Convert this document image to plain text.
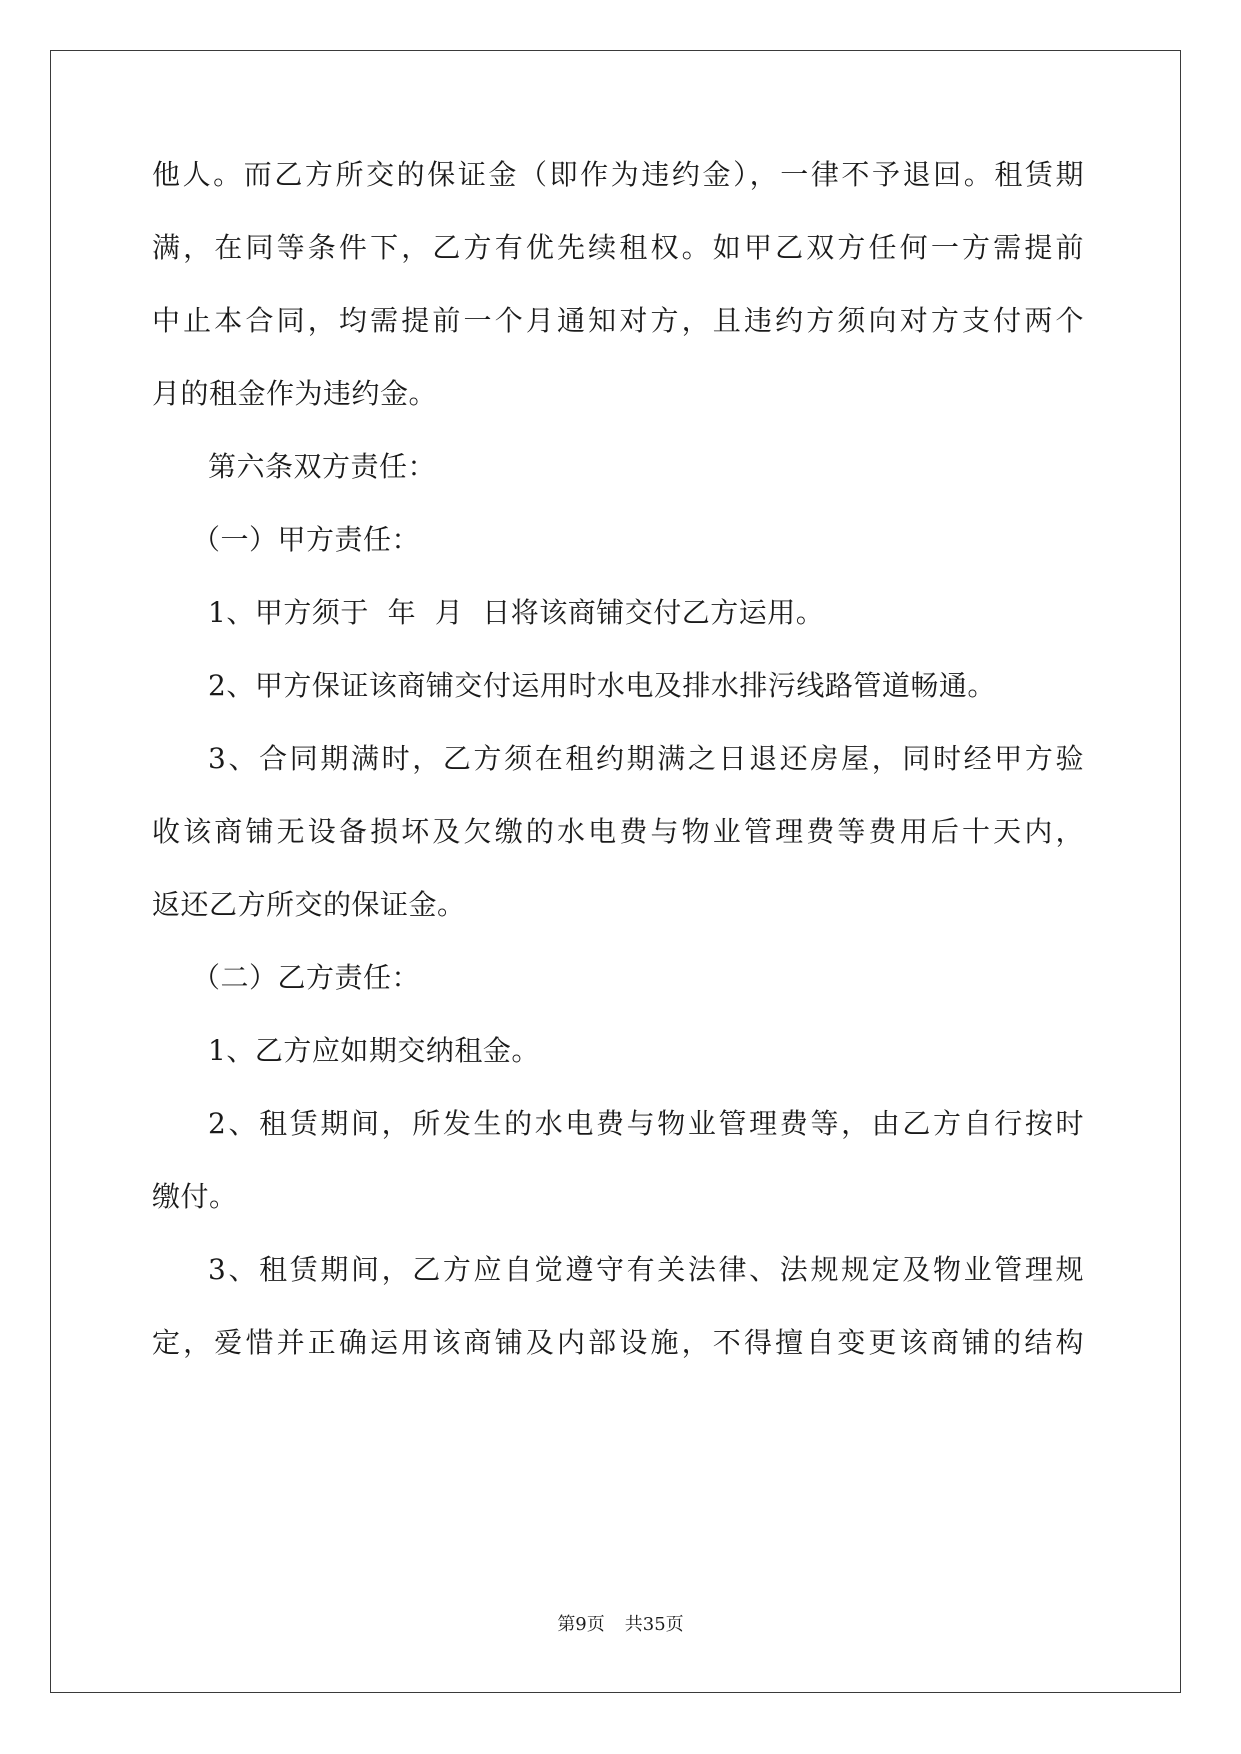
他人。而乙方所交的保证金（即作为违约金），一律不予退回。租赁期
满，在同等条件下，乙方有优先续租权。如甲乙双方任何一方需提前
中止本合同，均需提前一个月通知对方，且违约方须向对方支付两个
月的租金作为违约金。
第六条双方责任：
（一）甲方责任：
1、甲方须于  年  月  日将该商铺交付乙方运用。
2、甲方保证该商铺交付运用时水电及排水排污线路管道畅通。
3、合同期满时，乙方须在租约期满之日退还房屋，同时经甲方验
收该商铺无设备损坏及欠缴的水电费与物业管理费等费用后十天内，
返还乙方所交的保证金。
（二）乙方责任：
1、乙方应如期交纳租金。
2、租赁期间，所发生的水电费与物业管理费等，由乙方自行按时
缴付。
3、租赁期间，乙方应自觉遵守有关法律、法规规定及物业管理规
定，爱惜并正确运用该商铺及内部设施，不得擅自变更该商铺的结构
第9页 共35页
